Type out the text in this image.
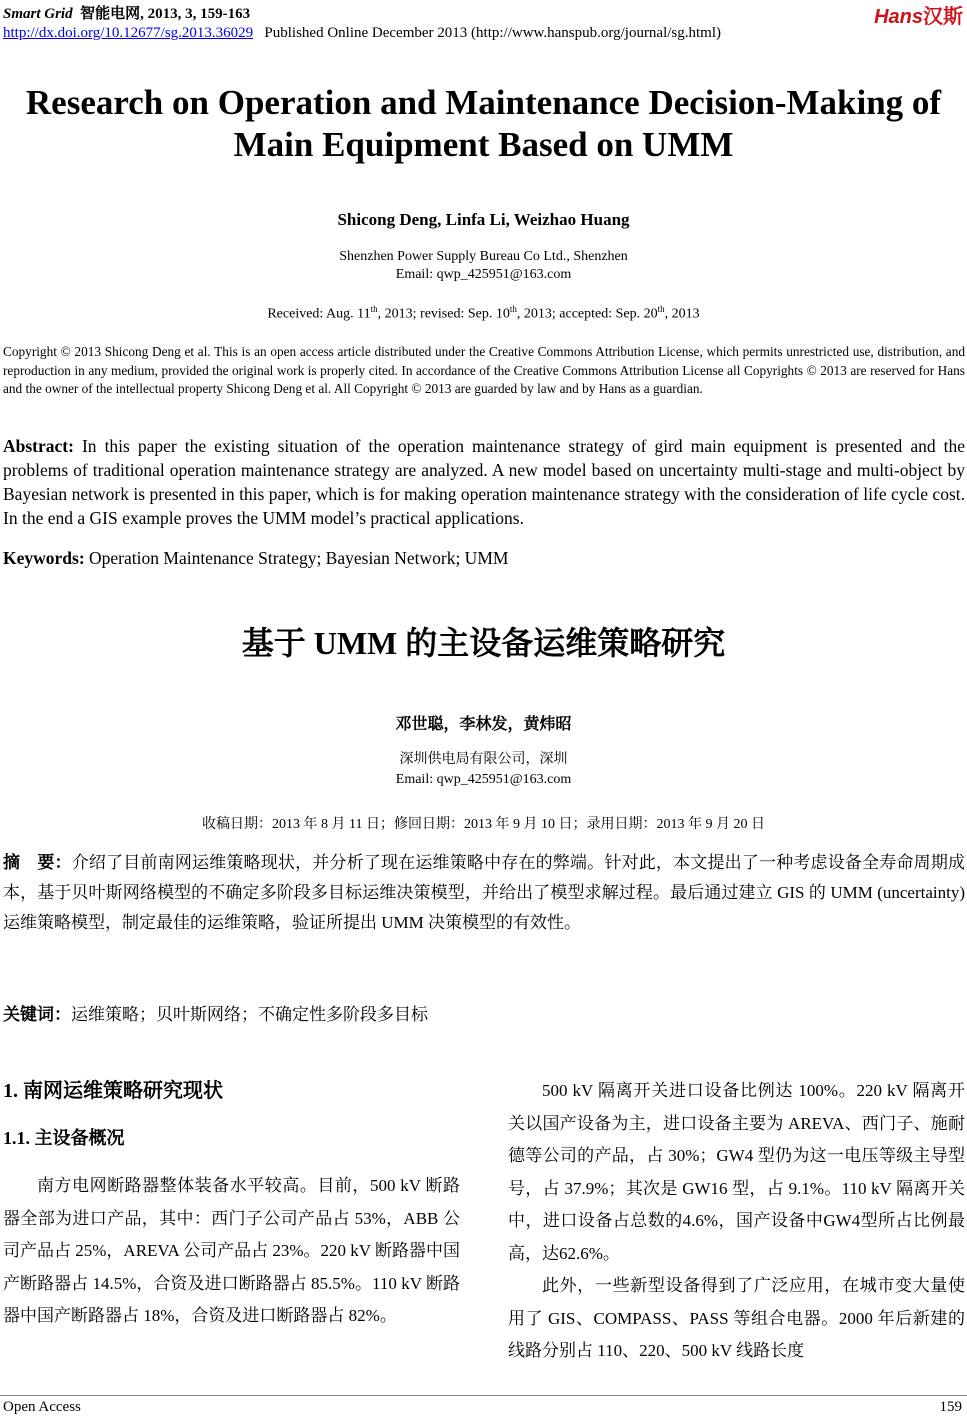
Smart Grid 智能电网, 2013, 3, 159-163
http://dx.doi.org/10.12677/sg.2013.36029 Published Online December 2013 (http://www.hanspub.org/journal/sg.html)
Hans汉斯
Research on Operation and Maintenance Decision-Making of
Main Equipment Based on UMM
Shicong Deng, Linfa Li, Weizhao Huang
Shenzhen Power Supply Bureau Co Ltd., Shenzhen
Email: qwp_425951@163.com
Received: Aug. 11th, 2013; revised: Sep. 10th, 2013; accepted: Sep. 20th, 2013
Copyright © 2013 Shicong Deng et al. This is an open access article distributed under the Creative Commons Attribution License, which permits unrestricted use, distribution, and reproduction in any medium, provided the original work is properly cited. In accordance of the Creative Commons Attribution License all Copyrights © 2013 are reserved for Hans and the owner of the intellectual property Shicong Deng et al. All Copyright © 2013 are guarded by law and by Hans as a guardian.
Abstract: In this paper the existing situation of the operation maintenance strategy of gird main equipment is presented and the problems of traditional operation maintenance strategy are analyzed. A new model based on uncertainty multi-stage and multi-object by Bayesian network is presented in this paper, which is for making operation maintenance strategy with the consideration of life cycle cost. In the end a GIS example proves the UMM model’s practical applications.
Keywords: Operation Maintenance Strategy; Bayesian Network; UMM
基于 UMM 的主设备运维策略研究
邓世聪，李林发，黄炜昭
深圳供电局有限公司，深圳
Email: qwp_425951@163.com
收稿日期：2013 年 8 月 11 日；修回日期：2013 年 9 月 10 日；录用日期：2013 年 9 月 20 日
摘　要：介绍了目前南网运维策略现状，并分析了现在运维策略中存在的弊端。针对此，本文提出了一种考虑设备全寿命周期成本，基于贝叶斯网络模型的不确定多阶段多目标运维决策模型，并给出了模型求解过程。最后通过建立 GIS 的 UMM (uncertainty)运维策略模型，制定最佳的运维策略，验证所提出 UMM 决策模型的有效性。
关键词：运维策略；贝叶斯网络；不确定性多阶段多目标
1. 南网运维策略研究现状
1.1. 主设备概况

南方电网断路器整体装备水平较高。目前，500 kV 断路器全部为进口产品，其中：西门子公司产品占 53%，ABB 公司产品占 25%，AREVA 公司产品占 23%。220 kV 断路器中国产断路器占 14.5%，合资及进口断路器占 85.5%。110 kV 断路器中国产断路器占 18%，合资及进口断路器占 82%。

500 kV 隔离开关进口设备比例达 100%。220 kV 隔离开关以国产设备为主，进口设备主要为 AREVA、西门子、施耐德等公司的产品，占 30%；GW4 型仍为这一电压等级主导型号，占 37.9%；其次是 GW16 型，占 9.1%。110 kV 隔离开关中，进口设备占总数的4.6%，国产设备中GW4型所占比例最高，达62.6%。

此外，一些新型设备得到了广泛应用，在城市变大量使用了 GIS、COMPASS、PASS 等组合电器。2000 年后新建的线路分别占 110、220、500 kV 线路长度

Open Access	159
